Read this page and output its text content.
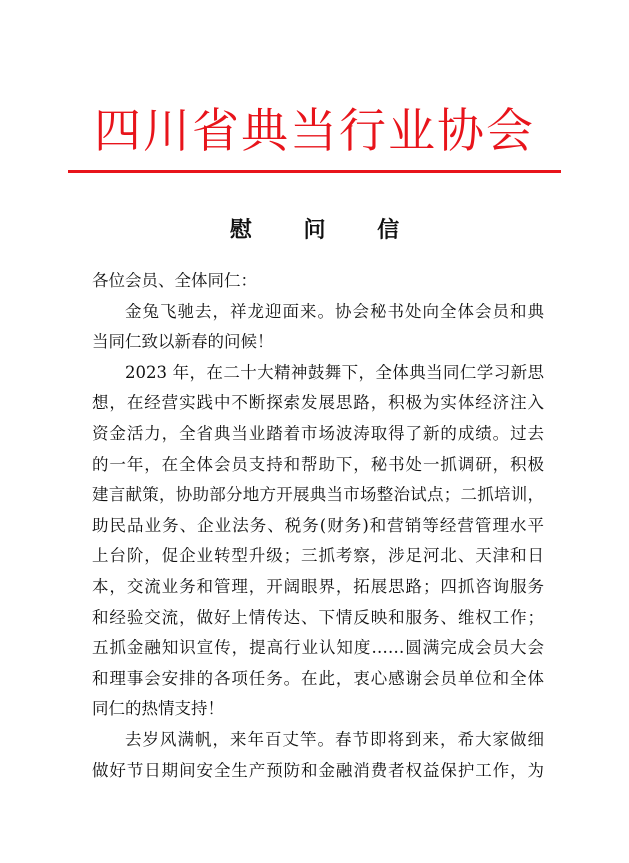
四川省典当行业协会
慰 问 信
各位会员、全体同仁：
金兔飞驰去，祥龙迎面来。协会秘书处向全体会员和典
当同仁致以新春的问候！
2023 年，在二十大精神鼓舞下，全体典当同仁学习新思
想，在经营实践中不断探索发展思路，积极为实体经济注入
资金活力，全省典当业踏着市场波涛取得了新的成绩。过去
的一年，在全体会员支持和帮助下，秘书处一抓调研，积极
建言献策，协助部分地方开展典当市场整治试点；二抓培训，
助民品业务、企业法务、税务(财务)和营销等经营管理水平
上台阶，促企业转型升级；三抓考察，涉足河北、天津和日
本，交流业务和管理，开阔眼界，拓展思路；四抓咨询服务
和经验交流，做好上情传达、下情反映和服务、维权工作；
五抓金融知识宣传，提高行业认知度……圆满完成会员大会
和理事会安排的各项任务。在此，衷心感谢会员单位和全体
同仁的热情支持！
去岁风满帆，来年百丈竿。春节即将到来，希大家做细
做好节日期间安全生产预防和金融消费者权益保护工作，为
